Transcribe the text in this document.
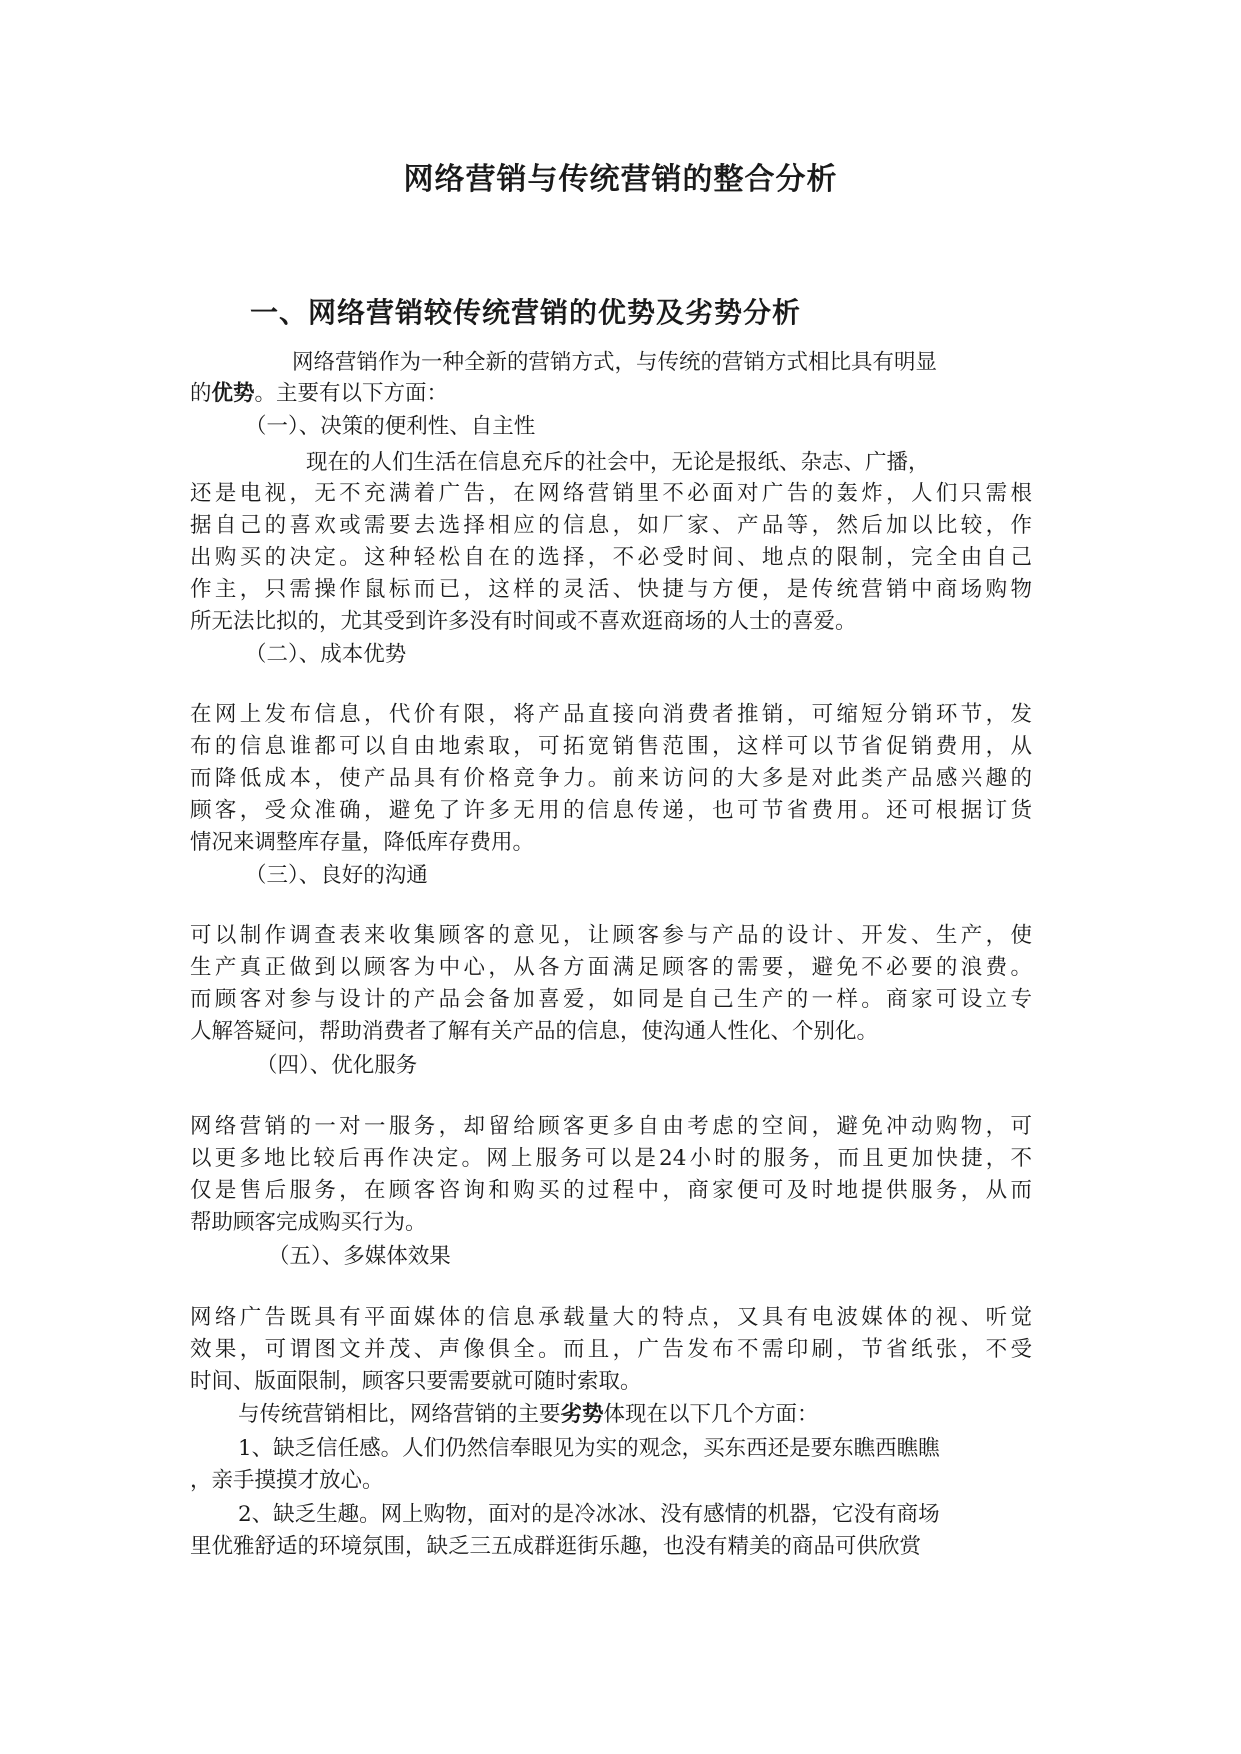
网络营销与传统营销的整合分析
一、网络营销较传统营销的优势及劣势分析
网络营销作为一种全新的营销方式，与传统的营销方式相比具有明显
的优势。主要有以下方面：
（一）、决策的便利性、自主性
现在的人们生活在信息充斥的社会中，无论是报纸、杂志、广播，
还是电视，无不充满着广告，在网络营销里不必面对广告的轰炸，人们只需根
据自己的喜欢或需要去选择相应的信息，如厂家、产品等，然后加以比较，作
出购买的决定。这种轻松自在的选择，不必受时间、地点的限制，完全由自己
作主，只需操作鼠标而已，这样的灵活、快捷与方便，是传统营销中商场购物
所无法比拟的，尤其受到许多没有时间或不喜欢逛商场的人士的喜爱。
（二）、成本优势
在网上发布信息，代价有限，将产品直接向消费者推销，可缩短分销环节，发
布的信息谁都可以自由地索取，可拓宽销售范围，这样可以节省促销费用，从
而降低成本，使产品具有价格竞争力。前来访问的大多是对此类产品感兴趣的
顾客，受众准确，避免了许多无用的信息传递，也可节省费用。还可根据订货
情况来调整库存量，降低库存费用。
（三）、良好的沟通
可以制作调查表来收集顾客的意见，让顾客参与产品的设计、开发、生产，使
生产真正做到以顾客为中心，从各方面满足顾客的需要，避免不必要的浪费。
而顾客对参与设计的产品会备加喜爱，如同是自己生产的一样。商家可设立专
人解答疑问，帮助消费者了解有关产品的信息，使沟通人性化、个别化。
（四）、优化服务
网络营销的一对一服务，却留给顾客更多自由考虑的空间，避免冲动购物，可
以更多地比较后再作决定。网上服务可以是24小时的服务，而且更加快捷，不
仅是售后服务，在顾客咨询和购买的过程中，商家便可及时地提供服务，从而
帮助顾客完成购买行为。
（五）、多媒体效果
网络广告既具有平面媒体的信息承载量大的特点，又具有电波媒体的视、听觉
效果，可谓图文并茂、声像俱全。而且，广告发布不需印刷，节省纸张，不受
时间、版面限制，顾客只要需要就可随时索取。
与传统营销相比，网络营销的主要劣势体现在以下几个方面：
1、缺乏信任感。人们仍然信奉眼见为实的观念，买东西还是要东瞧西瞧瞧
，亲手摸摸才放心。
2、缺乏生趣。网上购物，面对的是冷冰冰、没有感情的机器，它没有商场
里优雅舒适的环境氛围，缺乏三五成群逛街乐趣，也没有精美的商品可供欣赏
